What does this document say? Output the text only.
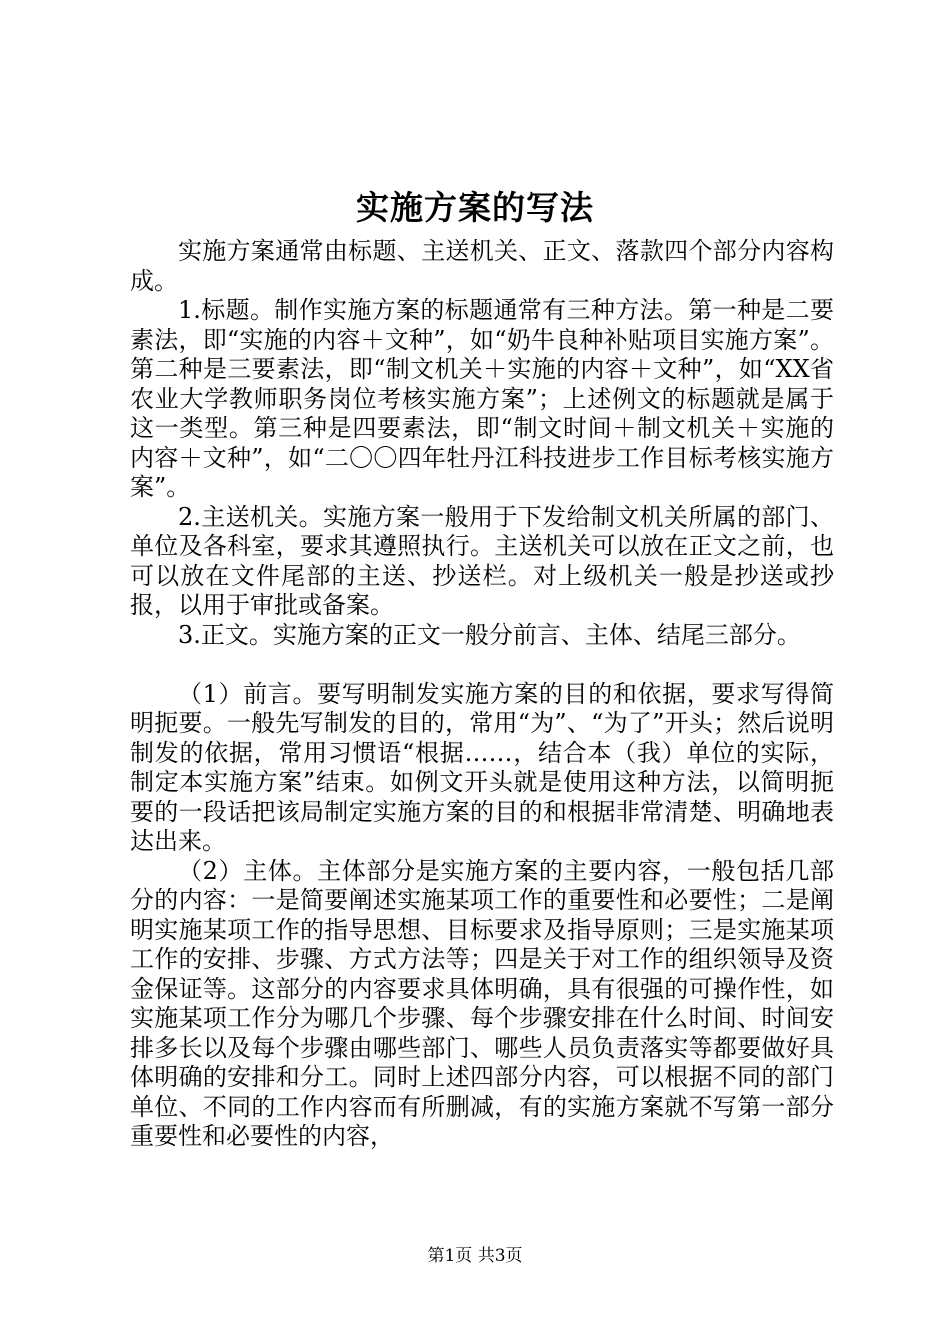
实施方案的写法

实施方案通常由标题、主送机关、正文、落款四个部分内容构成。

1.标题。制作实施方案的标题通常有三种方法。第一种是二要素法，即“实施的内容＋文种”，如“奶牛良种补贴项目实施方案”。第二种是三要素法，即“制文机关＋实施的内容＋文种”，如“XX省农业大学教师职务岗位考核实施方案”；上述例文的标题就是属于这一类型。第三种是四要素法，即“制文时间＋制文机关＋实施的内容＋文种”，如“二〇〇四年牡丹江科技进步工作目标考核实施方案”。

2.主送机关。实施方案一般用于下发给制文机关所属的部门、单位及各科室，要求其遵照执行。主送机关可以放在正文之前，也可以放在文件尾部的主送、抄送栏。对上级机关一般是抄送或抄报，以用于审批或备案。

3.正文。实施方案的正文一般分前言、主体、结尾三部分。

（1）前言。要写明制发实施方案的目的和依据，要求写得简明扼要。一般先写制发的目的，常用“为”、“为了”开头；然后说明制发的依据，常用习惯语“根据……，结合本（我）单位的实际，制定本实施方案”结束。如例文开头就是使用这种方法，以简明扼要的一段话把该局制定实施方案的目的和根据非常清楚、明确地表达出来。

（2）主体。主体部分是实施方案的主要内容，一般包括几部分的内容：一是简要阐述实施某项工作的重要性和必要性；二是阐明实施某项工作的指导思想、目标要求及指导原则；三是实施某项工作的安排、步骤、方式方法等；四是关于对工作的组织领导及资金保证等。这部分的内容要求具体明确，具有很强的可操作性，如实施某项工作分为哪几个步骤、每个步骤安排在什么时间、时间安排多长以及每个步骤由哪些部门、哪些人员负责落实等都要做好具体明确的安排和分工。同时上述四部分内容，可以根据不同的部门单位、不同的工作内容而有所删减，有的实施方案就不写第一部分重要性和必要性的内容，

第1页 共3页
